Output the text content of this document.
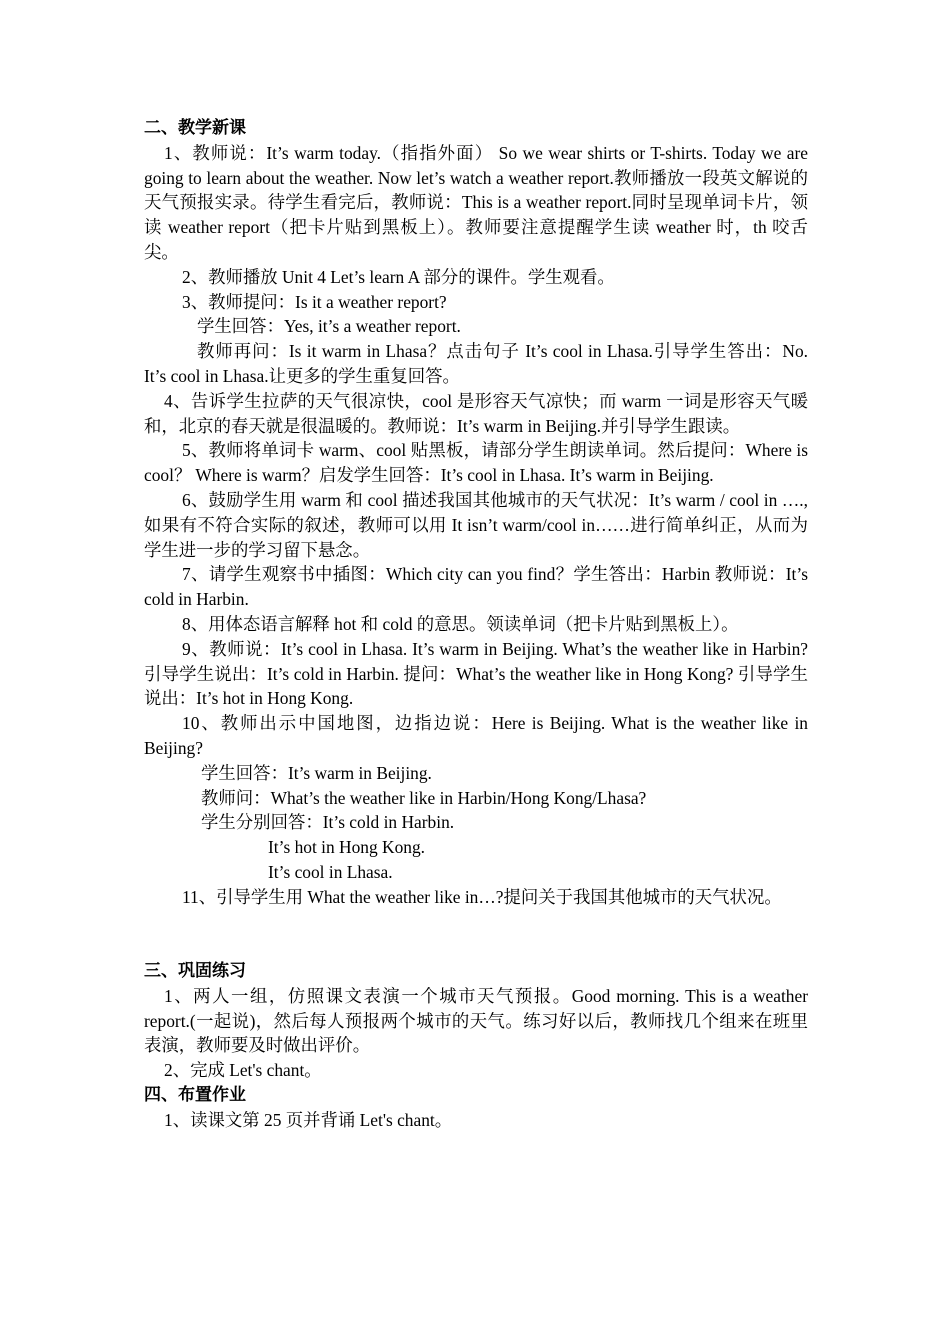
二、教学新课

1、教师说：It’s warm today.（指指外面） So we wear shirts or T-shirts. Today we are going to learn about the weather. Now let’s watch a weather report.教师播放一段英文解说的天气预报实录。待学生看完后，教师说：This is a weather report.同时呈现单词卡片，领读 weather report（把卡片贴到黑板上）。教师要注意提醒学生读 weather 时，th 咬舌尖。

2、教师播放 Unit 4 Let’s learn A 部分的课件。学生观看。

3、教师提问：Is it a weather report?

学生回答：Yes, it’s a weather report.

教师再问：Is it warm in Lhasa？点击句子 It’s cool in Lhasa.引导学生答出：No. It’s cool in Lhasa.让更多的学生重复回答。

4、告诉学生拉萨的天气很凉快，cool 是形容天气凉快；而 warm 一词是形容天气暖和，北京的春天就是很温暖的。教师说：It’s warm in Beijing.并引导学生跟读。

5、教师将单词卡 warm、cool 贴黑板，请部分学生朗读单词。然后提问：Where is cool？ Where is warm？启发学生回答：It’s cool in Lhasa. It’s warm in Beijing.

6、鼓励学生用 warm 和 cool 描述我国其他城市的天气状况：It’s warm / cool in …., 如果有不符合实际的叙述，教师可以用 It isn’t warm/cool in……进行简单纠正，从而为学生进一步的学习留下悬念。

7、请学生观察书中插图：Which city can you find？学生答出：Harbin 教师说：It’s cold in Harbin.

8、用体态语言解释 hot 和 cold 的意思。领读单词（把卡片贴到黑板上）。

9、教师说：It’s cool in Lhasa. It’s warm in Beijing. What’s the weather like in Harbin?引导学生说出：It’s cold in Harbin. 提问：What’s the weather like in Hong Kong? 引导学生说出：It’s hot in Hong Kong.

10、教师出示中国地图，边指边说：Here is Beijing. What is the weather like in Beijing?

学生回答：It’s warm in Beijing.

教师问：What’s the weather like in Harbin/Hong Kong/Lhasa?

学生分别回答：It’s cold in Harbin.

It’s hot in Hong Kong.

It’s cool in Lhasa.

11、引导学生用 What the weather like in…?提问关于我国其他城市的天气状况。

三、巩固练习

1、两人一组，仿照课文表演一个城市天气预报。Good morning. This is a weather report.(一起说)，然后每人预报两个城市的天气。练习好以后，教师找几个组来在班里表演，教师要及时做出评价。

2、完成 Let's chant。

四、布置作业

1、读课文第 25 页并背诵 Let's chant。
